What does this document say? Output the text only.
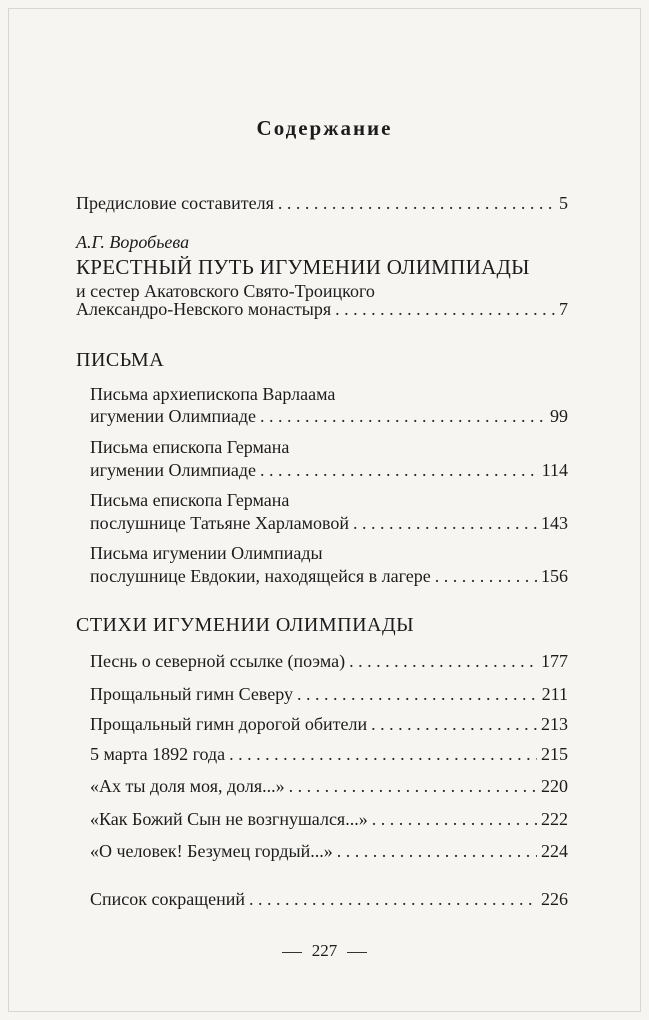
Содержание
Предисловие составителя . . .	5
А.Г. Воробьева
КРЕСТНЫЙ ПУТЬ ИГУМЕНИИ ОЛИМПИАДЫ
и сестер Акатовского Свято-Троицкого
Александро-Невского монастыря . . .	7
ПИСЬМА
Письма архиепископа Варлаама
игумении Олимпиаде . . .	99
Письма епископа Германа
игумении Олимпиаде . . .	114
Письма епископа Германа
послушнице Татьяне Харламовой . . .	143
Письма игумении Олимпиады
послушнице Евдокии, находящейся в лагере . . .	156
СТИХИ ИГУМЕНИИ ОЛИМПИАДЫ
Песнь о северной ссылке (поэма) . . .	177
Прощальный гимн Северу . . .	211
Прощальный гимн дорогой обители . . .	213
5 марта 1892 года . . .	215
«Ах ты доля моя, доля...» . . .	220
«Как Божий Сын не возгнушался...» . . .	222
«О человек! Безумец гордый...» . . .	224
Список сокращений . . .	226
227
